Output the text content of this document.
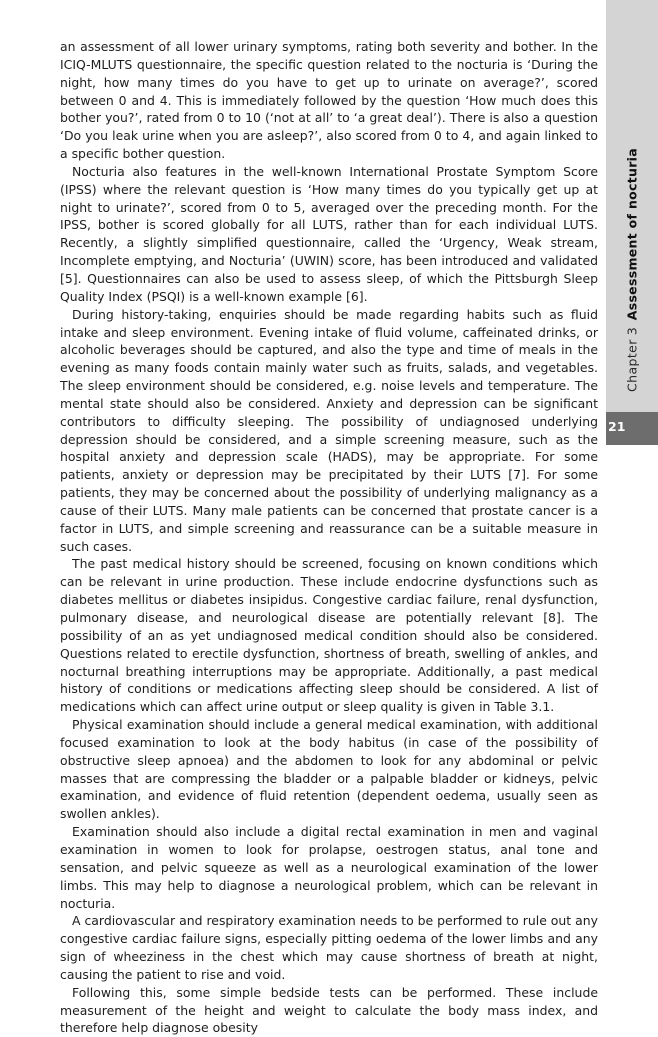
an assessment of all lower urinary symptoms, rating both severity and bother. In the ICIQ-MLUTS questionnaire, the specific question related to the nocturia is ‘During the night, how many times do you have to get up to urinate on average?’, scored between 0 and 4. This is immediately followed by the question ‘How much does this bother you?’, rated from 0 to 10 (‘not at all’ to ‘a great deal’). There is also a question ‘Do you leak urine when you are asleep?’, also scored from 0 to 4, and again linked to a specific bother question.

Nocturia also features in the well-known International Prostate Symptom Score (IPSS) where the relevant question is ‘How many times do you typically get up at night to urinate?’, scored from 0 to 5, averaged over the preceding month. For the IPSS, bother is scored globally for all LUTS, rather than for each individual LUTS. Recently, a slightly simplified questionnaire, called the ‘Urgency, Weak stream, Incomplete emptying, and Nocturia’ (UWIN) score, has been introduced and validated [5]. Questionnaires can also be used to assess sleep, of which the Pittsburgh Sleep Quality Index (PSQI) is a well-known example [6].

During history-taking, enquiries should be made regarding habits such as fluid intake and sleep environment. Evening intake of fluid volume, caffeinated drinks, or alcoholic beverages should be captured, and also the type and time of meals in the evening as many foods contain mainly water such as fruits, salads, and vegetables. The sleep environment should be considered, e.g. noise levels and temperature. The mental state should also be considered. Anxiety and depression can be significant contributors to difficulty sleeping. The possibility of undiagnosed underlying depression should be considered, and a simple screening measure, such as the hospital anxiety and depression scale (HADS), may be appropriate. For some patients, anxiety or depression may be precipitated by their LUTS [7]. For some patients, they may be concerned about the possibility of underlying malignancy as a cause of their LUTS. Many male patients can be concerned that prostate cancer is a factor in LUTS, and simple screening and reassurance can be a suitable measure in such cases.

The past medical history should be screened, focusing on known conditions which can be relevant in urine production. These include endocrine dysfunctions such as diabetes mellitus or diabetes insipidus. Congestive cardiac failure, renal dysfunction, pulmonary disease, and neurological disease are potentially relevant [8]. The possibility of an as yet undiagnosed medical condition should also be considered. Questions related to erectile dysfunction, shortness of breath, swelling of ankles, and nocturnal breathing interruptions may be appropriate. Additionally, a past medical history of conditions or medications affecting sleep should be considered. A list of medications which can affect urine output or sleep quality is given in Table 3.1.

Physical examination should include a general medical examination, with additional focused examination to look at the body habitus (in case of the possibility of obstructive sleep apnoea) and the abdomen to look for any abdominal or pelvic masses that are compressing the bladder or a palpable bladder or kidneys, pelvic examination, and evidence of fluid retention (dependent oedema, usually seen as swollen ankles).

Examination should also include a digital rectal examination in men and vaginal examination in women to look for prolapse, oestrogen status, anal tone and sensation, and pelvic squeeze as well as a neurological examination of the lower limbs. This may help to diagnose a neurological problem, which can be relevant in nocturia.

A cardiovascular and respiratory examination needs to be performed to rule out any congestive cardiac failure signs, especially pitting oedema of the lower limbs and any sign of wheeziness in the chest which may cause shortness of breath at night, causing the patient to rise and void.

Following this, some simple bedside tests can be performed. These include measurement of the height and weight to calculate the body mass index, and therefore help diagnose obesity

Chapter3Assessment of nocturia
21
